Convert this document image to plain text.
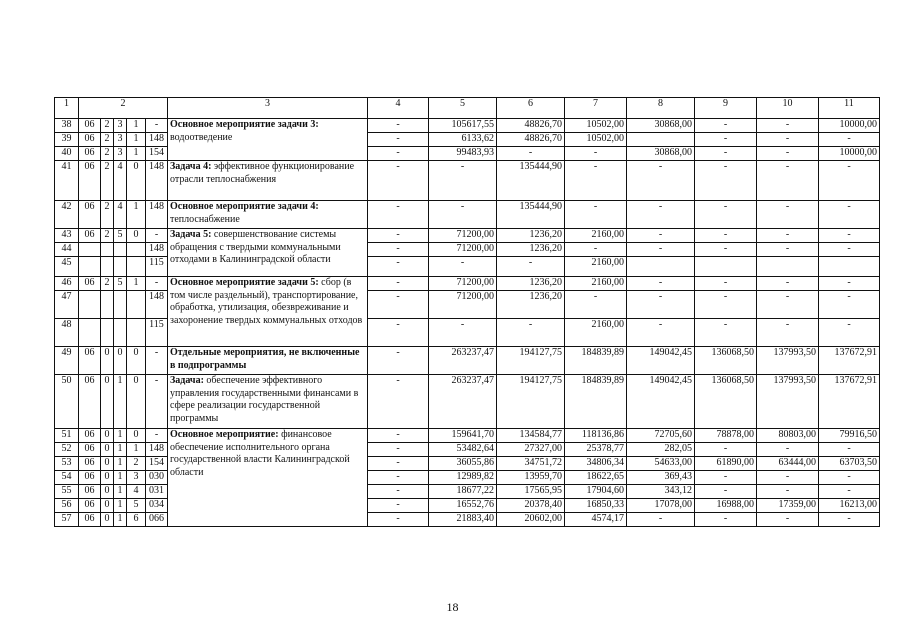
1	2					3	4	5	6	7	8	9	10	11
38	06	2	3	1	-	Основное мероприятие задачи 3: водоотведение	-	105617,55	48826,70	10502,00	30868,00	-	-	10000,00
39	06	2	3	1	148		-	6133,62	48826,70	10502,00		-	-	-
40	06	2	3	1	154		-	99483,93	-	-	30868,00	-	-	10000,00
41	06	2	4	0	148	Задача 4: эффективное функционирование отрасли теплоснабжения	-	-	135444,90	-	-	-	-	-
42	06	2	4	1	148	Основное мероприятие задачи 4: теплоснабжение	-	-	135444,90	-	-	-	-	-
43	06	2	5	0	-	Задача 5: совершенствование системы обращения с твердыми коммунальными отходами в Калининградской области	-	71200,00	1236,20	2160,00	-	-	-	-
44					148		-	71200,00	1236,20	-	-	-	-	-
45					115		-	-	-	2160,00				
46	06	2	5	1	-	Основное мероприятие задачи 5: сбор (в том числе раздельный), транспортирование, обработка, утилизация, обезвреживание и захоронение твердых коммунальных отходов	-	71200,00	1236,20	2160,00	-	-	-	-
47					148		-	71200,00	1236,20	-	-	-	-	-
48					115		-	-	-	2160,00	-	-	-	-
49	06	0	0	0	-	Отдельные мероприятия, не включенные в подпрограммы	-	263237,47	194127,75	184839,89	149042,45	136068,50	137993,50	137672,91
50	06	0	1	0	-	Задача: обеспечение эффективного управления государственными финансами в сфере реализации государственной программы	-	263237,47	194127,75	184839,89	149042,45	136068,50	137993,50	137672,91
51	06	0	1	0	-	Основное мероприятие: финансовое обеспечение исполнительного органа государственной власти Калининградской области	-	159641,70	134584,77	118136,86	72705,60	78878,00	80803,00	79916,50
52	06	0	1	1	148		-	53482,64	27327,00	25378,77	282,05	-	-	-
53	06	0	1	2	154		-	36055,86	34751,72	34806,34	54633,00	61890,00	63444,00	63703,50
54	06	0	1	3	030		-	12989,82	13959,70	18622,65	369,43	-	-	-
55	06	0	1	4	031		-	18677,22	17565,95	17904,60	343,12	-	-	-
56	06	0	1	5	034		-	16552,76	20378,40	16850,33	17078,00	16988,00	17359,00	16213,00
57	06	0	1	6	066		-	21883,40	20602,00	4574,17	-	-	-	-
18
